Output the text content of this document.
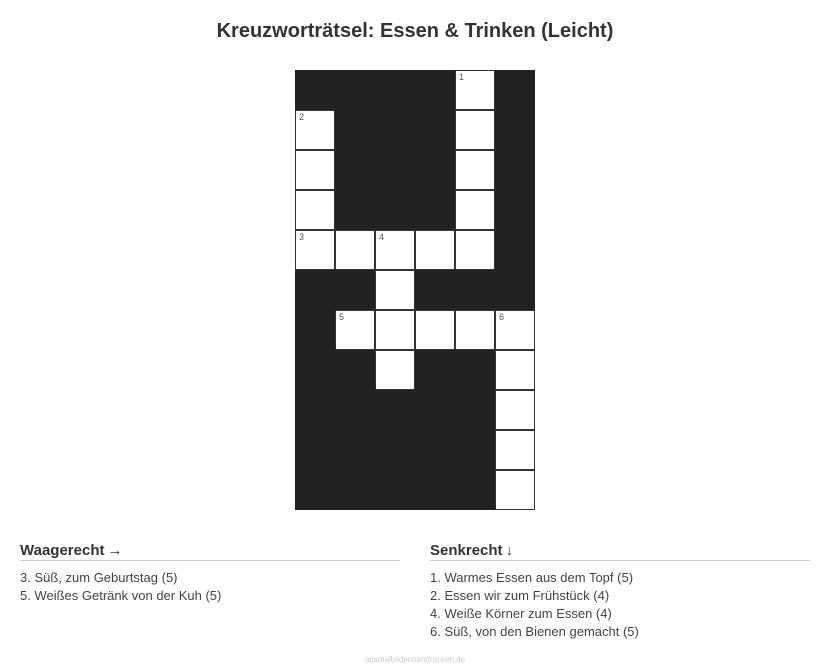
Kreuzworträtsel: Essen & Trinken (Leicht)
1
2
3	4
5	6
Waagerecht →
3. Süß, zum Geburtstag (5)
5. Weißes Getränk von der Kuh (5)
Senkrecht ↓
1. Warmes Essen aus dem Topf (5)
2. Essen wir zum Frühstück (4)
4. Weiße Körner zum Essen (4)
6. Süß, von den Bienen gemacht (5)
ausmalbilderzumdrucken.de
